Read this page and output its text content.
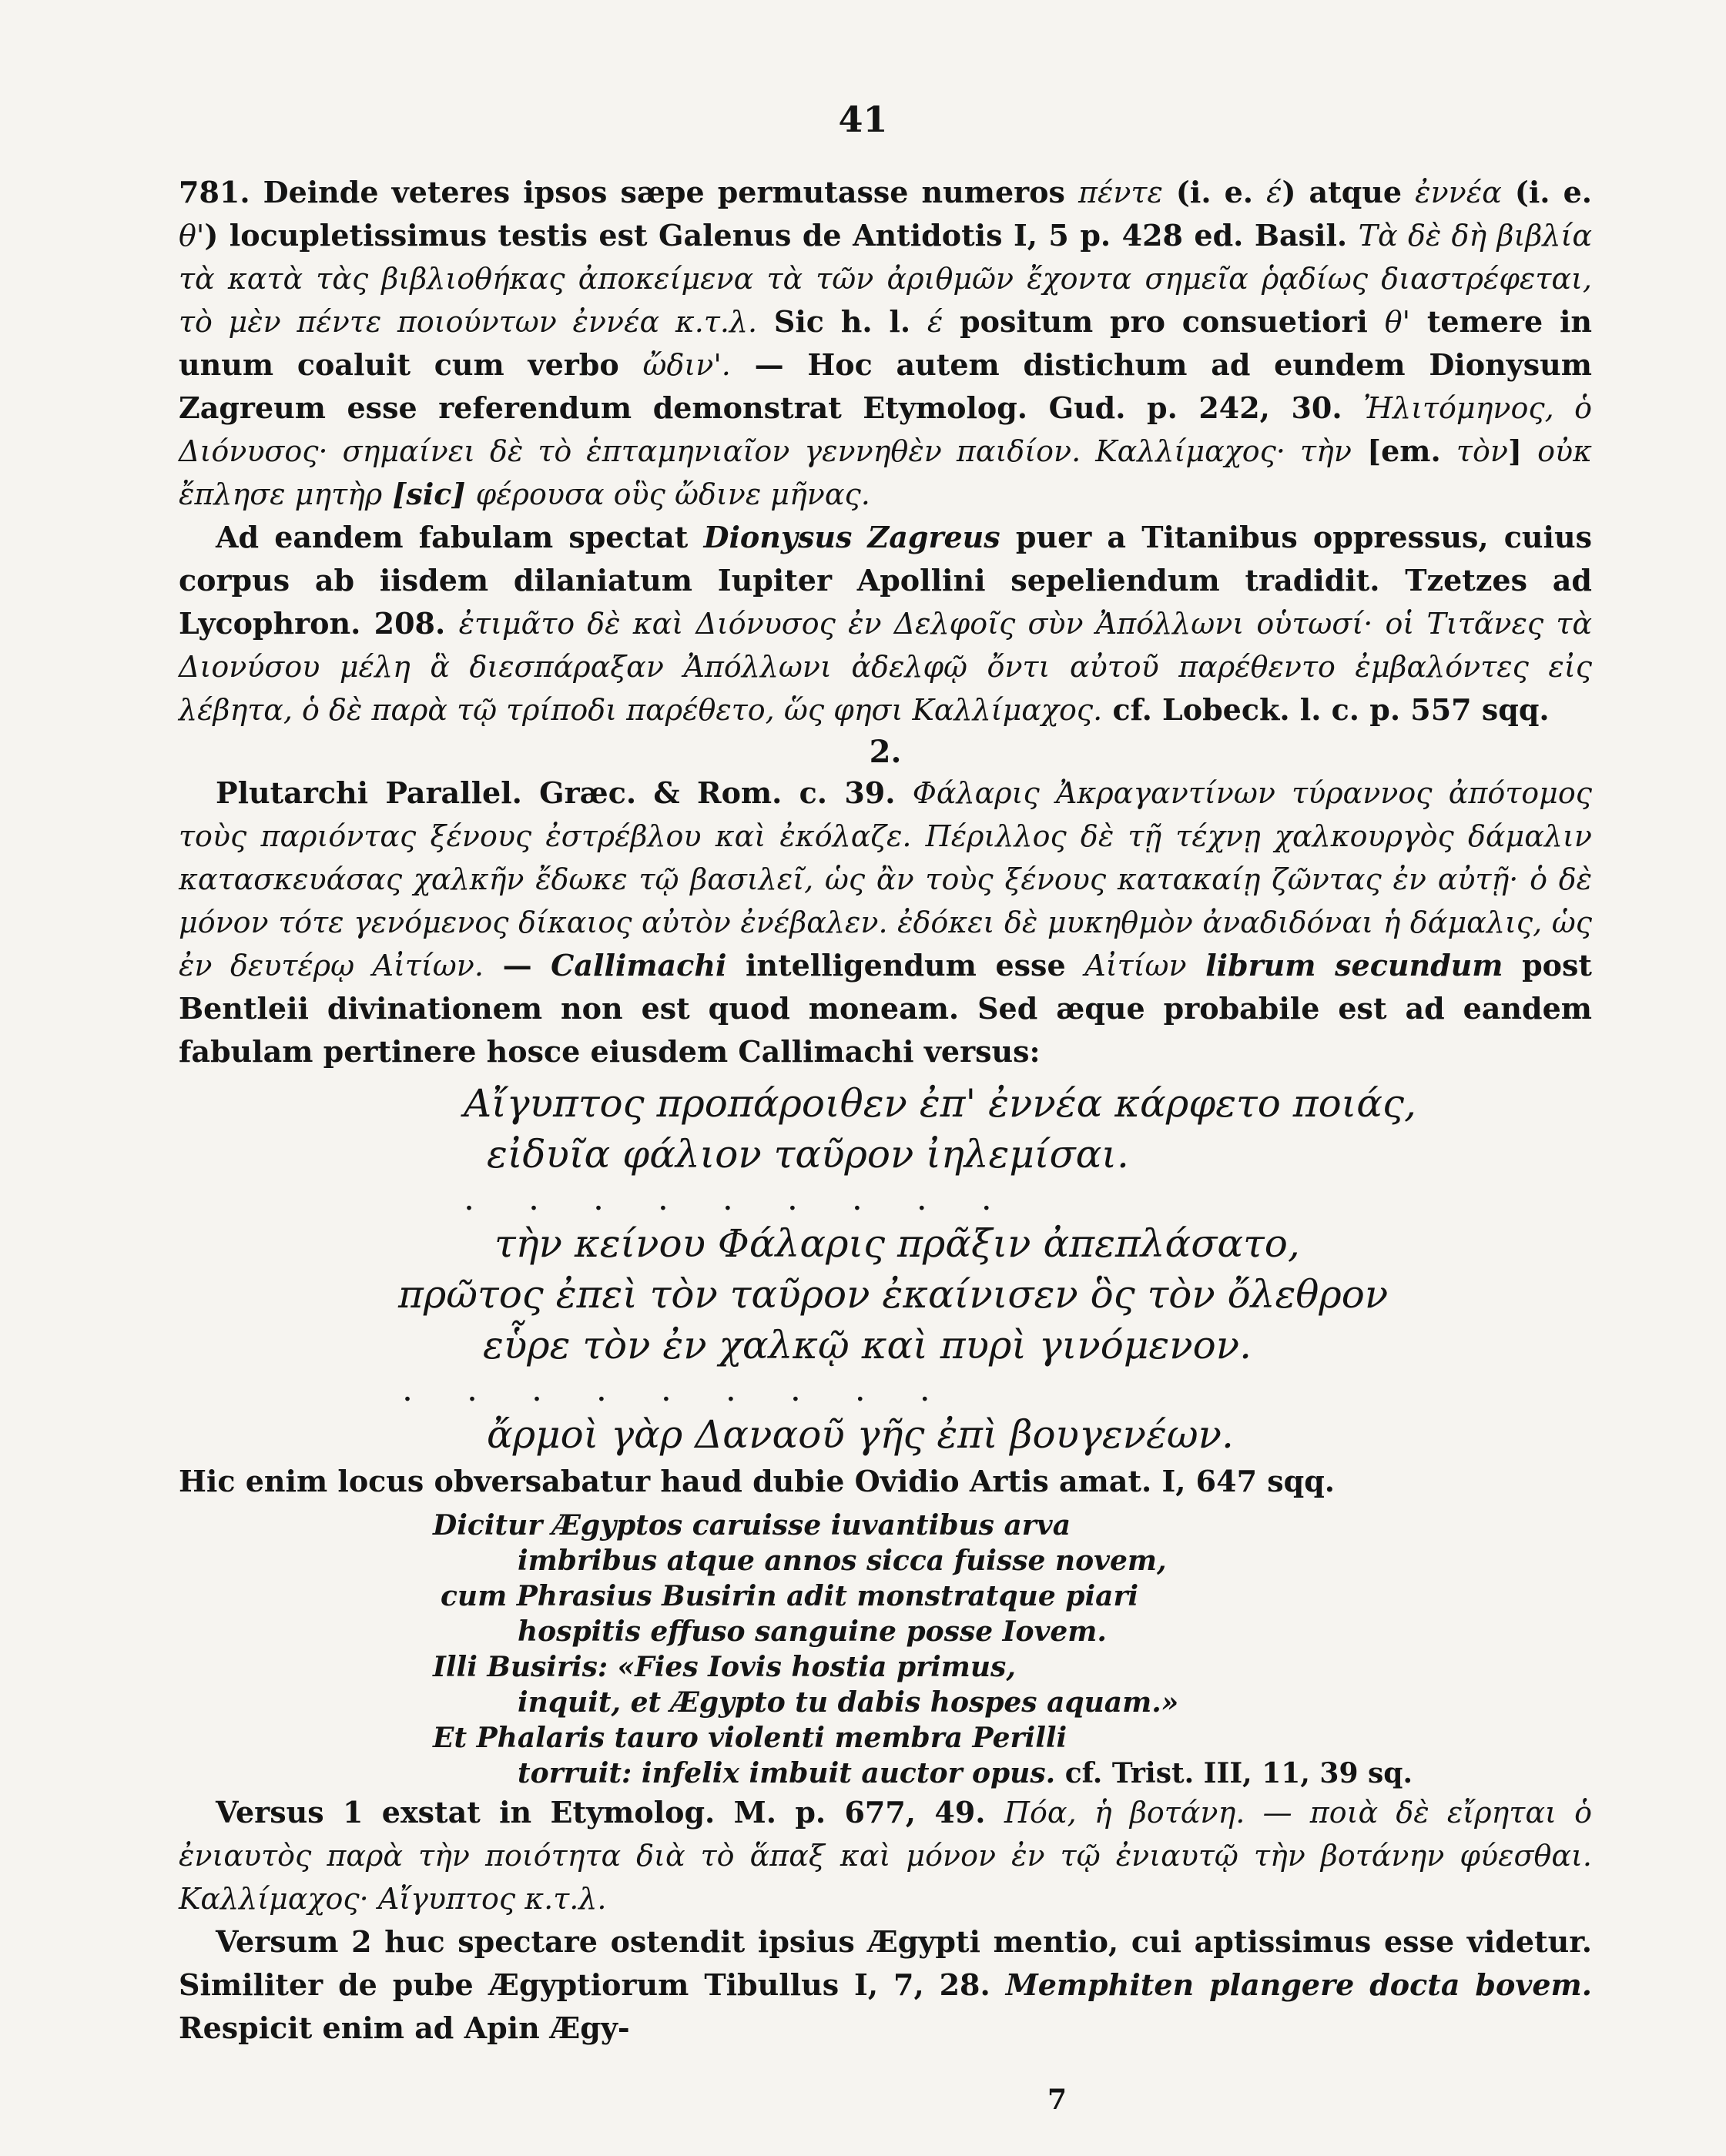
41

781. Deinde veteres ipsos sæpe permutasse numeros πέντε (i. e. έ) atque ἐννέα (i. e. θ') locupletissimus testis est Galenus de Antidotis I, 5 p. 428 ed. Basil. Τὰ δὲ δὴ βιβλία τὰ κατὰ τὰς βιβλιοθήκας ἀποκείμενα τὰ τῶν ἀριθμῶν ἔχοντα σημεῖα ῥᾳδίως διαστρέφεται, τὸ μὲν πέντε ποιούντων ἐννέα κ.τ.λ. Sic h. l. έ positum pro consuetiori θ' temere in unum coaluit cum verbo ὤδιν'. — Hoc autem distichum ad eundem Dionysum Zagreum esse referendum demonstrat Etymolog. Gud. p. 242, 30. Ἠλιτόμηνος, ὁ Διόνυσος· σημαίνει δὲ τὸ ἑπταμηνιαῖον γεννηθὲν παιδίον. Καλλίμαχος· τὴν [em. τὸν] οὐκ ἔπλησε μητὴρ [sic] φέρουσα οὓς ὤδινε μῆνας.

Ad eandem fabulam spectat Dionysus Zagreus puer a Titanibus oppressus, cuius corpus ab iisdem dilaniatum Iupiter Apollini sepeliendum tradidit. Tzetzes ad Lycophron. 208. ἐτιμᾶτο δὲ καὶ Διόνυσος ἐν Δελφοῖς σὺν Ἀπόλλωνι οὑτωσί· οἱ Τιτᾶνες τὰ Διονύσου μέλη ἃ διεσπάραξαν Ἀπόλλωνι ἀδελφῷ ὄντι αὐτοῦ παρέθεντο ἐμβαλόντες εἰς λέβητα, ὁ δὲ παρὰ τῷ τρίποδι παρέθετο, ὥς φησι Καλλίμαχος. cf. Lobeck. l. c. p. 557 sqq.

2.

Plutarchi Parallel. Græc. & Rom. c. 39. Φάλαρις Ἀκραγαντίνων τύραννος ἀπότομος τοὺς παριόντας ξένους ἐστρέβλου καὶ ἐκόλαζε. Πέριλλος δὲ τῇ τέχνῃ χαλκουργὸς δάμαλιν κατασκευάσας χαλκῆν ἔδωκε τῷ βασιλεῖ, ὡς ἂν τοὺς ξένους κατακαίῃ ζῶντας ἐν αὐτῇ· ὁ δὲ μόνον τότε γενόμενος δίκαιος αὐτὸν ἐνέβαλεν. ἐδόκει δὲ μυκηθμὸν ἀναδιδόναι ἡ δάμαλις, ὡς ἐν δευτέρῳ Αἰτίων. — Callimachi intelligendum esse Αἰτίων librum secundum post Bentleii divinationem non est quod moneam. Sed æque probabile est ad eandem fabulam pertinere hosce eiusdem Callimachi versus:

Αἴγυπτος προπάροιθεν ἐπ' ἐννέα κάρφετο ποιάς,
εἰδυῖα φάλιον ταῦρον ἰηλεμίσαι.
. . . . . . . . .
τὴν κείνου Φάλαρις πρᾶξιν ἀπεπλάσατο,
πρῶτος ἐπεὶ τὸν ταῦρον ἐκαίνισεν ὃς τὸν ὄλεθρον
εὗρε τὸν ἐν χαλκῷ καὶ πυρὶ γινόμενον.
. . . . . . . . .
ἄρμοὶ γὰρ Δαναοῦ γῆς ἐπὶ βουγενέων.

Hic enim locus obversabatur haud dubie Ovidio Artis amat. I, 647 sqq.

Dicitur Ægyptos caruisse iuvantibus arva
imbribus atque annos sicca fuisse novem,
cum Phrasius Busirin adit monstratque piari
hospitis effuso sanguine posse Iovem.
Illi Busiris: «Fies Iovis hostia primus,
inquit, et Ægypto tu dabis hospes aquam.»
Et Phalaris tauro violenti membra Perilli
torruit: infelix imbuit auctor opus. cf. Trist. III, 11, 39 sq.

Versus 1 exstat in Etymolog. M. p. 677, 49. Πόα, ἡ βοτάνη. — ποιὰ δὲ εἴρηται ὁ ἐνιαυτὸς παρὰ τὴν ποιότητα διὰ τὸ ἅπαξ καὶ μόνον ἐν τῷ ἐνιαυτῷ τὴν βοτάνην φύεσθαι. Καλλίμαχος· Αἴγυπτος κ.τ.λ.

Versum 2 huc spectare ostendit ipsius Ægypti mentio, cui aptissimus esse videtur. Similiter de pube Ægyptiorum Tibullus I, 7, 28. Memphiten plangere docta bovem. Respicit enim ad Apin Ægy-

7
